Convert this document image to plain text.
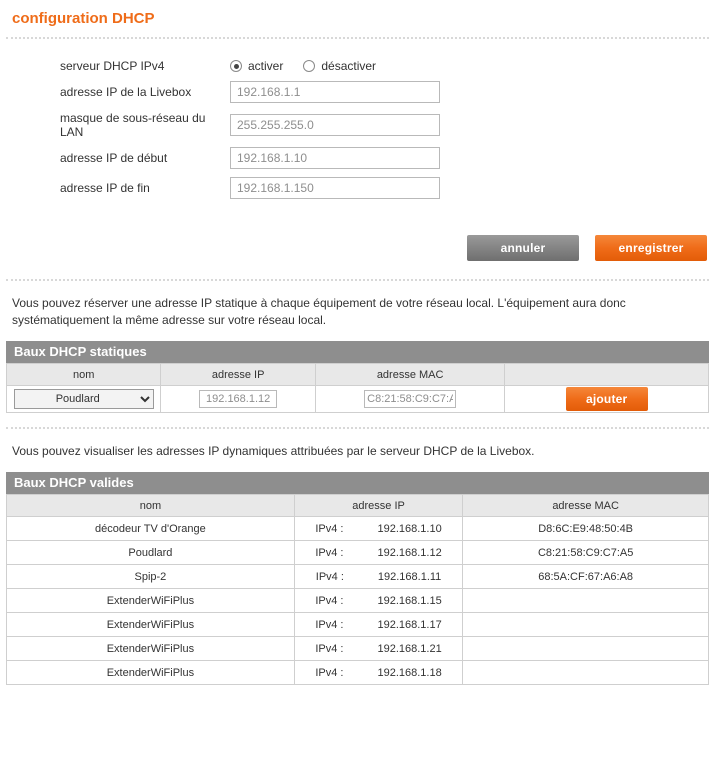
configuration DHCP
serveur DHCP IPv4	activer	désactiver
adresse IP de la Livebox
192.168.1.1
masque de sous-réseau du LAN
255.255.255.0
adresse IP de début
192.168.1.10
adresse IP de fin
192.168.1.150
annuler	enregistrer
Vous pouvez réserver une adresse IP statique à chaque équipement de votre réseau local. L'équipement aura donc systématiquement la même adresse sur votre réseau local.
Baux DHCP statiques
nom	adresse IP	adresse MAC	

Poudlard	192.168.1.12	C8:21:58:C9:C7:A5	ajouter
Vous pouvez visualiser les adresses IP dynamiques attribuées par le serveur DHCP de la Livebox.
Baux DHCP valides
nom	adresse IP	adresse MAC
décodeur TV d'Orange	IPv4 : 192.168.1.10	D8:6C:E9:48:50:4B
Poudlard	IPv4 : 192.168.1.12	C8:21:58:C9:C7:A5
Spip-2	IPv4 : 192.168.1.11	68:5A:CF:67:A6:A8
ExtenderWiFiPlus	IPv4 : 192.168.1.15	

ExtenderWiFiPlus	IPv4 : 192.168.1.17	

ExtenderWiFiPlus	IPv4 : 192.168.1.21	

ExtenderWiFiPlus	IPv4 : 192.168.1.18	
